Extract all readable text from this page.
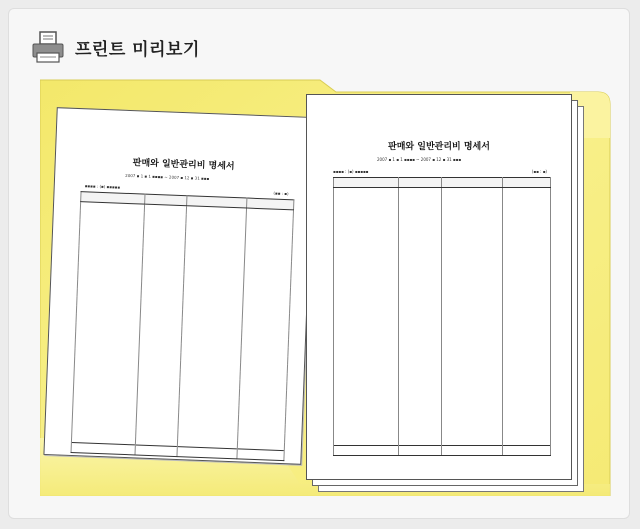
프린트 미리보기
판매와 일반관리비 명세서
2007 ▪ 1 ▪ 1 ▪▪▪▪ ~ 2007 ▪ 12 ▪ 31 ▪▪▪
▪▪▪▪ : (▪) ▪▪▪▪▪
(▪▪ : ▪)

판매와 일반관리비 명세서
2007 ▪ 1 ▪ 1 ▪▪▪▪ ~ 2007 ▪ 12 ▪ 31 ▪▪▪
▪▪▪▪ : (▪) ▪▪▪▪▪	(▪▪ : ▪)
